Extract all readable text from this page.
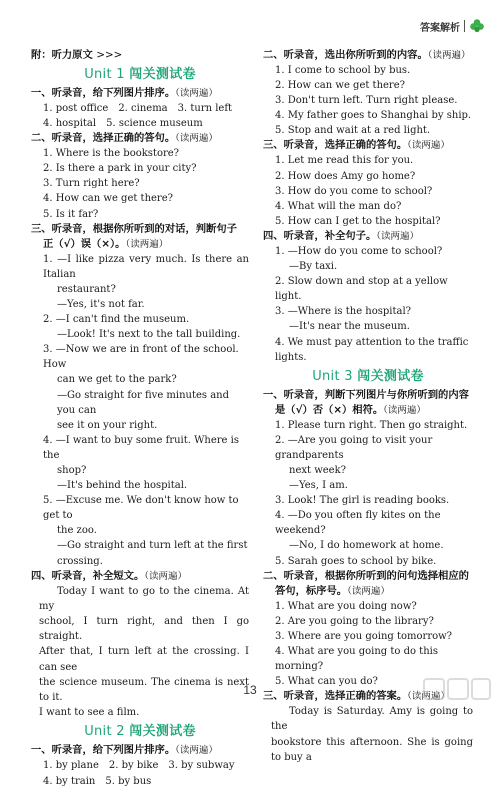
答案解析
附：听力原文 >>>
Unit 1 闯关测试卷
一、听录音，给下列图片排序。（读两遍）
1. post office 2. cinema 3. turn left
4. hospital 5. science museum
二、听录音，选择正确的答句。（读两遍）
1. Where is the bookstore?
2. Is there a park in your city?
3. Turn right here?
4. How can we get there?
5. Is it far?
三、听录音，根据你所听到的对话，判断句子
正（√）误（×）。（读两遍）
1. —I like pizza very much. Is there an Italian
restaurant?
—Yes, it's not far.
2. —I can't find the museum.
—Look! It's next to the tall building.
3. —Now we are in front of the school. How
can we get to the park?
—Go straight for five minutes and you can
see it on your right.
4. —I want to buy some fruit. Where is the
shop?
—It's behind the hospital.
5. —Excuse me. We don't know how to get to
the zoo.
—Go straight and turn left at the first
crossing.
四、听录音，补全短文。（读两遍）
Today I want to go to the cinema. At my
school, I turn right, and then I go straight.
After that, I turn left at the crossing. I can see
the science museum. The cinema is next to it.
I want to see a film.
Unit 2 闯关测试卷
一、听录音，给下列图片排序。（读两遍）
1. by plane 2. by bike 3. by subway
4. by train 5. by bus
二、听录音，选出你所听到的内容。（读两遍）
1. I come to school by bus.
2. How can we get there?
3. Don't turn left. Turn right please.
4. My father goes to Shanghai by ship.
5. Stop and wait at a red light.
三、听录音，选择正确的答句。（读两遍）
1. Let me read this for you.
2. How does Amy go home?
3. How do you come to school?
4. What will the man do?
5. How can I get to the hospital?
四、听录音，补全句子。（读两遍）
1. —How do you come to school?
—By taxi.
2. Slow down and stop at a yellow light.
3. —Where is the hospital?
—It's near the museum.
4. We must pay attention to the traffic lights.
Unit 3 闯关测试卷
一、听录音，判断下列图片与你所听到的内容
是（√）否（×）相符。（读两遍）
1. Please turn right. Then go straight.
2. —Are you going to visit your grandparents
next week?
—Yes, I am.
3. Look! The girl is reading books.
4. —Do you often fly kites on the weekend?
—No, I do homework at home.
5. Sarah goes to school by bike.
二、听录音，根据你所听到的问句选择相应的
答句，标序号。（读两遍）
1. What are you doing now?
2. Are you going to the library?
3. Where are you going tomorrow?
4. What are you going to do this morning?
5. What can you do?
三、听录音，选择正确的答案。（读两遍）
Today is Saturday. Amy is going to the
bookstore this afternoon. She is going to buy a
13
